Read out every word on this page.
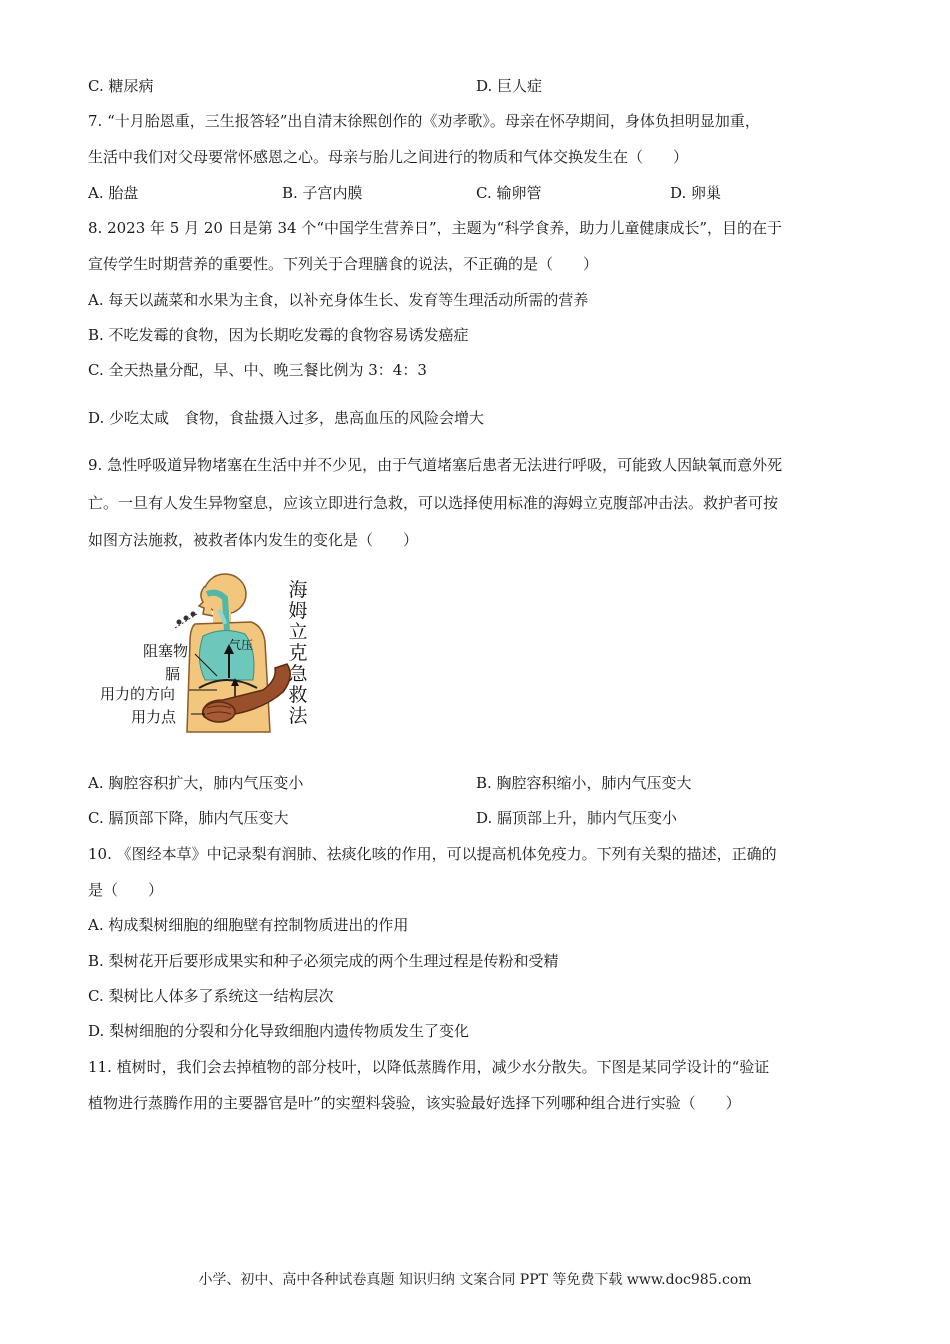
C. 糖尿病	D. 巨人症
7. “十月胎恩重，三生报答轻”出自清末徐熙创作的《劝孝歌》。母亲在怀孕期间，身体负担明显加重，
生活中我们对父母要常怀感恩之心。母亲与胎儿之间进行的物质和气体交换发生在（　　）
A. 胎盘	B. 子宫内膜	C. 输卵管	D. 卵巢
8. 2023 年 5 月 20 日是第 34 个“中国学生营养日”，主题为“科学食养，助力儿童健康成长”，目的在于
宣传学生时期营养的重要性。下列关于合理膳食的说法，不正确的是（　　）
A. 每天以蔬菜和水果为主食，以补充身体生长、发育等生理活动所需的营养
B. 不吃发霉的食物，因为长期吃发霉的食物容易诱发癌症
C. 全天热量分配，早、中、晚三餐比例为 3：4：3
D. 少吃太咸　食物，食盐摄入过多，患高血压的风险会增大
9. 急性呼吸道异物堵塞在生活中并不少见，由于气道堵塞后患者无法进行呼吸，可能致人因缺氧而意外死
亡。一旦有人发生异物窒息，应该立即进行急救，可以选择使用标准的海姆立克腹部冲击法。救护者可按
如图方法施救，被救者体内发生的变化是（　　）
阻塞物
膈
用力的方向
用力点
气压
海姆立克急救法
A. 胸腔容积扩大，肺内气压变小	B. 胸腔容积缩小，肺内气压变大
C. 膈顶部下降，肺内气压变大	D. 膈顶部上升，肺内气压变小
10. 《图经本草》中记录梨有润肺、祛痰化咳的作用，可以提高机体免疫力。下列有关梨的描述，正确的
是（　　）
A. 构成梨树细胞的细胞壁有控制物质进出的作用
B. 梨树花开后要形成果实和种子必须完成的两个生理过程是传粉和受精
C. 梨树比人体多了系统这一结构层次
D. 梨树细胞的分裂和分化导致细胞内遗传物质发生了变化
11. 植树时，我们会去掉植物的部分枝叶，以降低蒸腾作用，减少水分散失。下图是某同学设计的“验证
植物进行蒸腾作用的主要器官是叶”的实塑料袋验，该实验最好选择下列哪种组合进行实验（　　）
小学、初中、高中各种试卷真题 知识归纳 文案合同 PPT 等免费下载 www.doc985.com
